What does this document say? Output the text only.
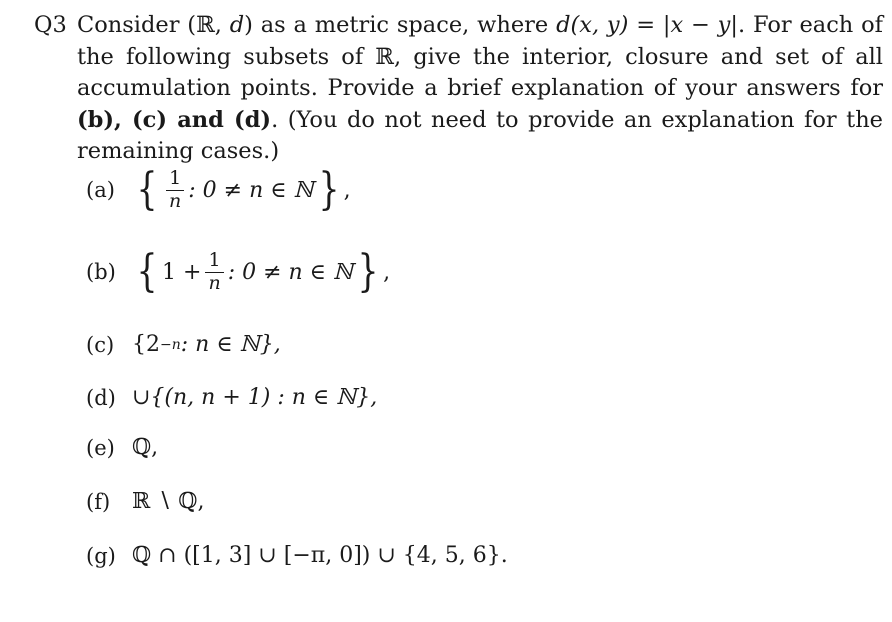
Q3 Consider (ℝ, d) as a metric space, where d(x, y) = |x − y|. For each of the following subsets of ℝ, give the interior, closure and set of all accumulation points. Provide a brief explanation of your answers for (b), (c) and (d). (You do not need to provide an explanation for the remaining cases.)
(a) { $\frac{1}{n}$ : 0 ≠ n ∈ ℕ } ,
(b) { $1 + \frac{1}{n}$ : 0 ≠ n ∈ ℕ } ,
(c) {2 −n : n ∈ ℕ},
(d) ∪{(n, n + 1) : n ∈ ℕ},
(e) ℚ,
(f) ℝ ∖ ℚ,
(g) ℚ ∩ ([1, 3] ∪ [−π, 0]) ∪ {4, 5, 6}.
